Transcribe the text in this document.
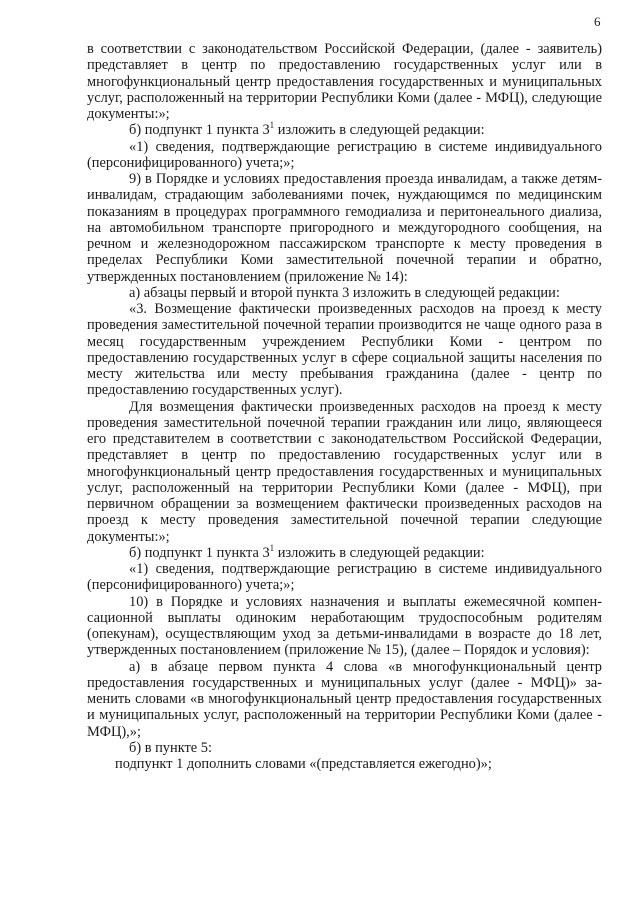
6

в соответствии с законодательством Российской Федерации, (далее - заявитель) представляет в центр по предоставлению государственных услуг или в многофункциональный центр предоставления государственных и муниципальных услуг, расположенный на территории Республики Коми (далее - МФЦ), следующие документы:»;

б) подпункт 1 пункта $3^1$ изложить в следующей редакции:

«1) сведения, подтверждающие регистрацию в системе индивидуального (персонифицированного) учета;»;

9) в Порядке и условиях предоставления проезда инвалидам, а также детям-инвалидам, страдающим заболеваниями почек, нуждающимся по медицинским показаниям в процедурах программного гемодиализа и перитонеального диализа, на автомобильном транспорте пригородного и междугородного сообщения, на речном и железнодорожном пассажирском транспорте к месту проведения в пределах Республики Коми заместительной почечной терапии и обратно, утвержденных постановлением (приложение № 14):

а) абзацы первый и второй пункта 3 изложить в следующей редакции:

«3. Возмещение фактически произведенных расходов на проезд к месту проведения заместительной почечной терапии производится не чаще одного раза в месяц государственным учреждением Республики Коми - центром по предоставлению государственных услуг в сфере социальной защиты населения по месту жительства или месту пребывания гражданина (далее - центр по предоставлению государственных услуг).

Для возмещения фактически произведенных расходов на проезд к месту проведения заместительной почечной терапии гражданин или лицо, являющееся его представителем в соответствии с законодательством Российской Федерации, представляет в центр по предоставлению государственных услуг или в многофункциональный центр предоставления государственных и муниципальных услуг, расположенный на территории Республики Коми (далее - МФЦ), при первичном обращении за возмещением фактически произведенных расходов на проезд к месту проведения заместительной почечной терапии следующие документы:»;

б) подпункт 1 пункта $3^1$ изложить в следующей редакции:

«1) сведения, подтверждающие регистрацию в системе индивидуального (персонифицированного) учета;»;

10) в Порядке и условиях назначения и выплаты ежемесячной компенсационной выплаты одиноким неработающим трудоспособным родителям (опекунам), осуществляющим уход за детьми-инвалидами в возрасте до 18 лет, утвержденных постановлением (приложение № 15), (далее – Порядок и условия):

а) в абзаце первом пункта 4 слова «в многофункциональный центр предоставления государственных и муниципальных услуг (далее - МФЦ)» заменить словами «в многофункциональный центр предоставления государственных и муниципальных услуг, расположенный на территории Республики Коми (далее - МФЦ),»;

б) в пункте 5:

подпункт 1 дополнить словами «(представляется ежегодно)»;
